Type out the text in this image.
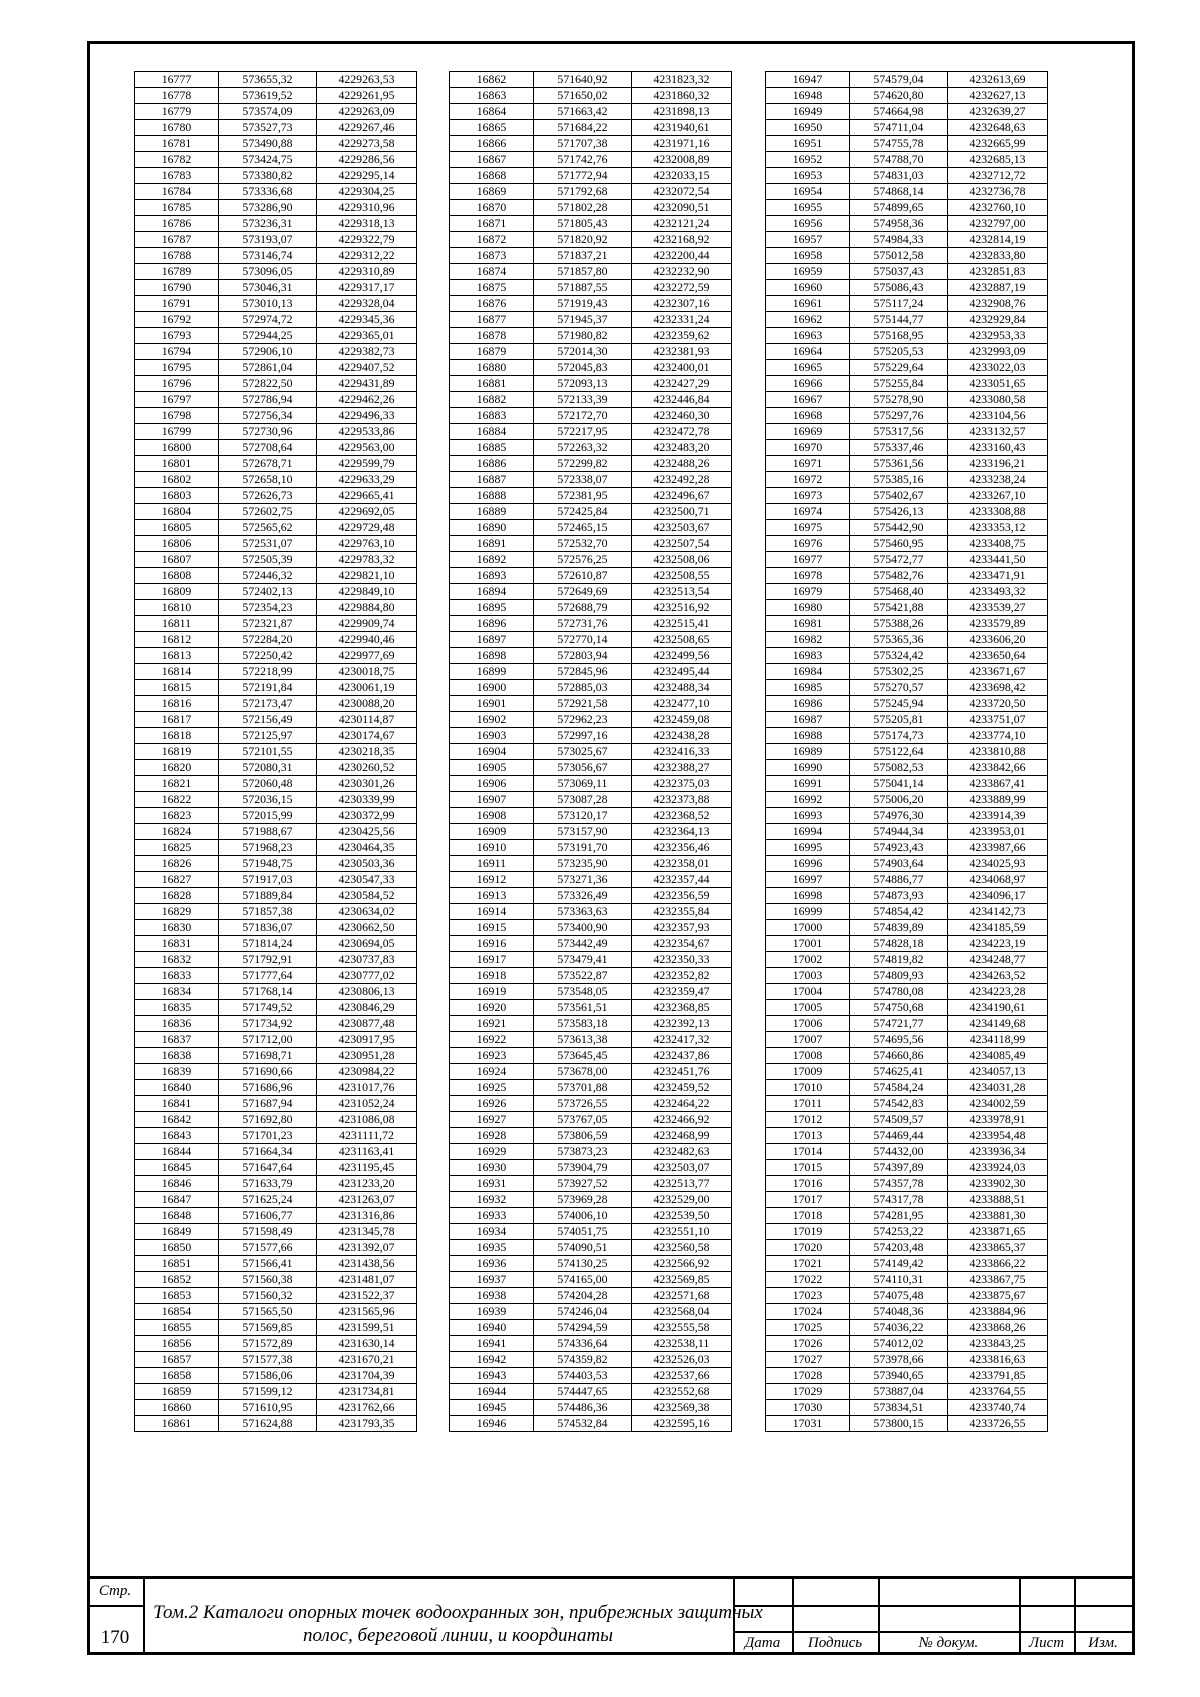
16777	573655,32	4229263,53
16778	573619,52	4229261,95
16779	573574,09	4229263,09
16780	573527,73	4229267,46
16781	573490,88	4229273,58
16782	573424,75	4229286,56
16783	573380,82	4229295,14
16784	573336,68	4229304,25
16785	573286,90	4229310,96
16786	573236,31	4229318,13
16787	573193,07	4229322,79
16788	573146,74	4229312,22
16789	573096,05	4229310,89
16790	573046,31	4229317,17
16791	573010,13	4229328,04
16792	572974,72	4229345,36
16793	572944,25	4229365,01
16794	572906,10	4229382,73
16795	572861,04	4229407,52
16796	572822,50	4229431,89
16797	572786,94	4229462,26
16798	572756,34	4229496,33
16799	572730,96	4229533,86
16800	572708,64	4229563,00
16801	572678,71	4229599,79
16802	572658,10	4229633,29
16803	572626,73	4229665,41
16804	572602,75	4229692,05
16805	572565,62	4229729,48
16806	572531,07	4229763,10
16807	572505,39	4229783,32
16808	572446,32	4229821,10
16809	572402,13	4229849,10
16810	572354,23	4229884,80
16811	572321,87	4229909,74
16812	572284,20	4229940,46
16813	572250,42	4229977,69
16814	572218,99	4230018,75
16815	572191,84	4230061,19
16816	572173,47	4230088,20
16817	572156,49	4230114,87
16818	572125,97	4230174,67
16819	572101,55	4230218,35
16820	572080,31	4230260,52
16821	572060,48	4230301,26
16822	572036,15	4230339,99
16823	572015,99	4230372,99
16824	571988,67	4230425,56
16825	571968,23	4230464,35
16826	571948,75	4230503,36
16827	571917,03	4230547,33
16828	571889,84	4230584,52
16829	571857,38	4230634,02
16830	571836,07	4230662,50
16831	571814,24	4230694,05
16832	571792,91	4230737,83
16833	571777,64	4230777,02
16834	571768,14	4230806,13
16835	571749,52	4230846,29
16836	571734,92	4230877,48
16837	571712,00	4230917,95
16838	571698,71	4230951,28
16839	571690,66	4230984,22
16840	571686,96	4231017,76
16841	571687,94	4231052,24
16842	571692,80	4231086,08
16843	571701,23	4231111,72
16844	571664,34	4231163,41
16845	571647,64	4231195,45
16846	571633,79	4231233,20
16847	571625,24	4231263,07
16848	571606,77	4231316,86
16849	571598,49	4231345,78
16850	571577,66	4231392,07
16851	571566,41	4231438,56
16852	571560,38	4231481,07
16853	571560,32	4231522,37
16854	571565,50	4231565,96
16855	571569,85	4231599,51
16856	571572,89	4231630,14
16857	571577,38	4231670,21
16858	571586,06	4231704,39
16859	571599,12	4231734,81
16860	571610,95	4231762,66
16861	571624,88	4231793,35
16862	571640,92	4231823,32
16863	571650,02	4231860,32
16864	571663,42	4231898,13
16865	571684,22	4231940,61
16866	571707,38	4231971,16
16867	571742,76	4232008,89
16868	571772,94	4232033,15
16869	571792,68	4232072,54
16870	571802,28	4232090,51
16871	571805,43	4232121,24
16872	571820,92	4232168,92
16873	571837,21	4232200,44
16874	571857,80	4232232,90
16875	571887,55	4232272,59
16876	571919,43	4232307,16
16877	571945,37	4232331,24
16878	571980,82	4232359,62
16879	572014,30	4232381,93
16880	572045,83	4232400,01
16881	572093,13	4232427,29
16882	572133,39	4232446,84
16883	572172,70	4232460,30
16884	572217,95	4232472,78
16885	572263,32	4232483,20
16886	572299,82	4232488,26
16887	572338,07	4232492,28
16888	572381,95	4232496,67
16889	572425,84	4232500,71
16890	572465,15	4232503,67
16891	572532,70	4232507,54
16892	572576,25	4232508,06
16893	572610,87	4232508,55
16894	572649,69	4232513,54
16895	572688,79	4232516,92
16896	572731,76	4232515,41
16897	572770,14	4232508,65
16898	572803,94	4232499,56
16899	572845,96	4232495,44
16900	572885,03	4232488,34
16901	572921,58	4232477,10
16902	572962,23	4232459,08
16903	572997,16	4232438,28
16904	573025,67	4232416,33
16905	573056,67	4232388,27
16906	573069,11	4232375,03
16907	573087,28	4232373,88
16908	573120,17	4232368,52
16909	573157,90	4232364,13
16910	573191,70	4232356,46
16911	573235,90	4232358,01
16912	573271,36	4232357,44
16913	573326,49	4232356,59
16914	573363,63	4232355,84
16915	573400,90	4232357,93
16916	573442,49	4232354,67
16917	573479,41	4232350,33
16918	573522,87	4232352,82
16919	573548,05	4232359,47
16920	573561,51	4232368,85
16921	573583,18	4232392,13
16922	573613,38	4232417,32
16923	573645,45	4232437,86
16924	573678,00	4232451,76
16925	573701,88	4232459,52
16926	573726,55	4232464,22
16927	573767,05	4232466,92
16928	573806,59	4232468,99
16929	573873,23	4232482,63
16930	573904,79	4232503,07
16931	573927,52	4232513,77
16932	573969,28	4232529,00
16933	574006,10	4232539,50
16934	574051,75	4232551,10
16935	574090,51	4232560,58
16936	574130,25	4232566,92
16937	574165,00	4232569,85
16938	574204,28	4232571,68
16939	574246,04	4232568,04
16940	574294,59	4232555,58
16941	574336,64	4232538,11
16942	574359,82	4232526,03
16943	574403,53	4232537,66
16944	574447,65	4232552,68
16945	574486,36	4232569,38
16946	574532,84	4232595,16
16947	574579,04	4232613,69
16948	574620,80	4232627,13
16949	574664,98	4232639,27
16950	574711,04	4232648,63
16951	574755,78	4232665,99
16952	574788,70	4232685,13
16953	574831,03	4232712,72
16954	574868,14	4232736,78
16955	574899,65	4232760,10
16956	574958,36	4232797,00
16957	574984,33	4232814,19
16958	575012,58	4232833,80
16959	575037,43	4232851,83
16960	575086,43	4232887,19
16961	575117,24	4232908,76
16962	575144,77	4232929,84
16963	575168,95	4232953,33
16964	575205,53	4232993,09
16965	575229,64	4233022,03
16966	575255,84	4233051,65
16967	575278,90	4233080,58
16968	575297,76	4233104,56
16969	575317,56	4233132,57
16970	575337,46	4233160,43
16971	575361,56	4233196,21
16972	575385,16	4233238,24
16973	575402,67	4233267,10
16974	575426,13	4233308,88
16975	575442,90	4233353,12
16976	575460,95	4233408,75
16977	575472,77	4233441,50
16978	575482,76	4233471,91
16979	575468,40	4233493,32
16980	575421,88	4233539,27
16981	575388,26	4233579,89
16982	575365,36	4233606,20
16983	575324,42	4233650,64
16984	575302,25	4233671,67
16985	575270,57	4233698,42
16986	575245,94	4233720,50
16987	575205,81	4233751,07
16988	575174,73	4233774,10
16989	575122,64	4233810,88
16990	575082,53	4233842,66
16991	575041,14	4233867,41
16992	575006,20	4233889,99
16993	574976,30	4233914,39
16994	574944,34	4233953,01
16995	574923,43	4233987,66
16996	574903,64	4234025,93
16997	574886,77	4234068,97
16998	574873,93	4234096,17
16999	574854,42	4234142,73
17000	574839,89	4234185,59
17001	574828,18	4234223,19
17002	574819,82	4234248,77
17003	574809,93	4234263,52
17004	574780,08	4234223,28
17005	574750,68	4234190,61
17006	574721,77	4234149,68
17007	574695,56	4234118,99
17008	574660,86	4234085,49
17009	574625,41	4234057,13
17010	574584,24	4234031,28
17011	574542,83	4234002,59
17012	574509,57	4233978,91
17013	574469,44	4233954,48
17014	574432,00	4233936,34
17015	574397,89	4233924,03
17016	574357,78	4233902,30
17017	574317,78	4233888,51
17018	574281,95	4233881,30
17019	574253,22	4233871,65
17020	574203,48	4233865,37
17021	574149,42	4233866,22
17022	574110,31	4233867,75
17023	574075,48	4233875,67
17024	574048,36	4233884,96
17025	574036,22	4233868,26
17026	574012,02	4233843,25
17027	573978,66	4233816,63
17028	573940,65	4233791,85
17029	573887,04	4233764,55
17030	573834,51	4233740,74
17031	573800,15	4233726,55
Стр.
170
Том.2 Каталоги опорных точек водоохранных зон, прибрежных защитных полос, береговой линии, и координаты	Дата	Подпись	№ докум.	Лист	Изм.
